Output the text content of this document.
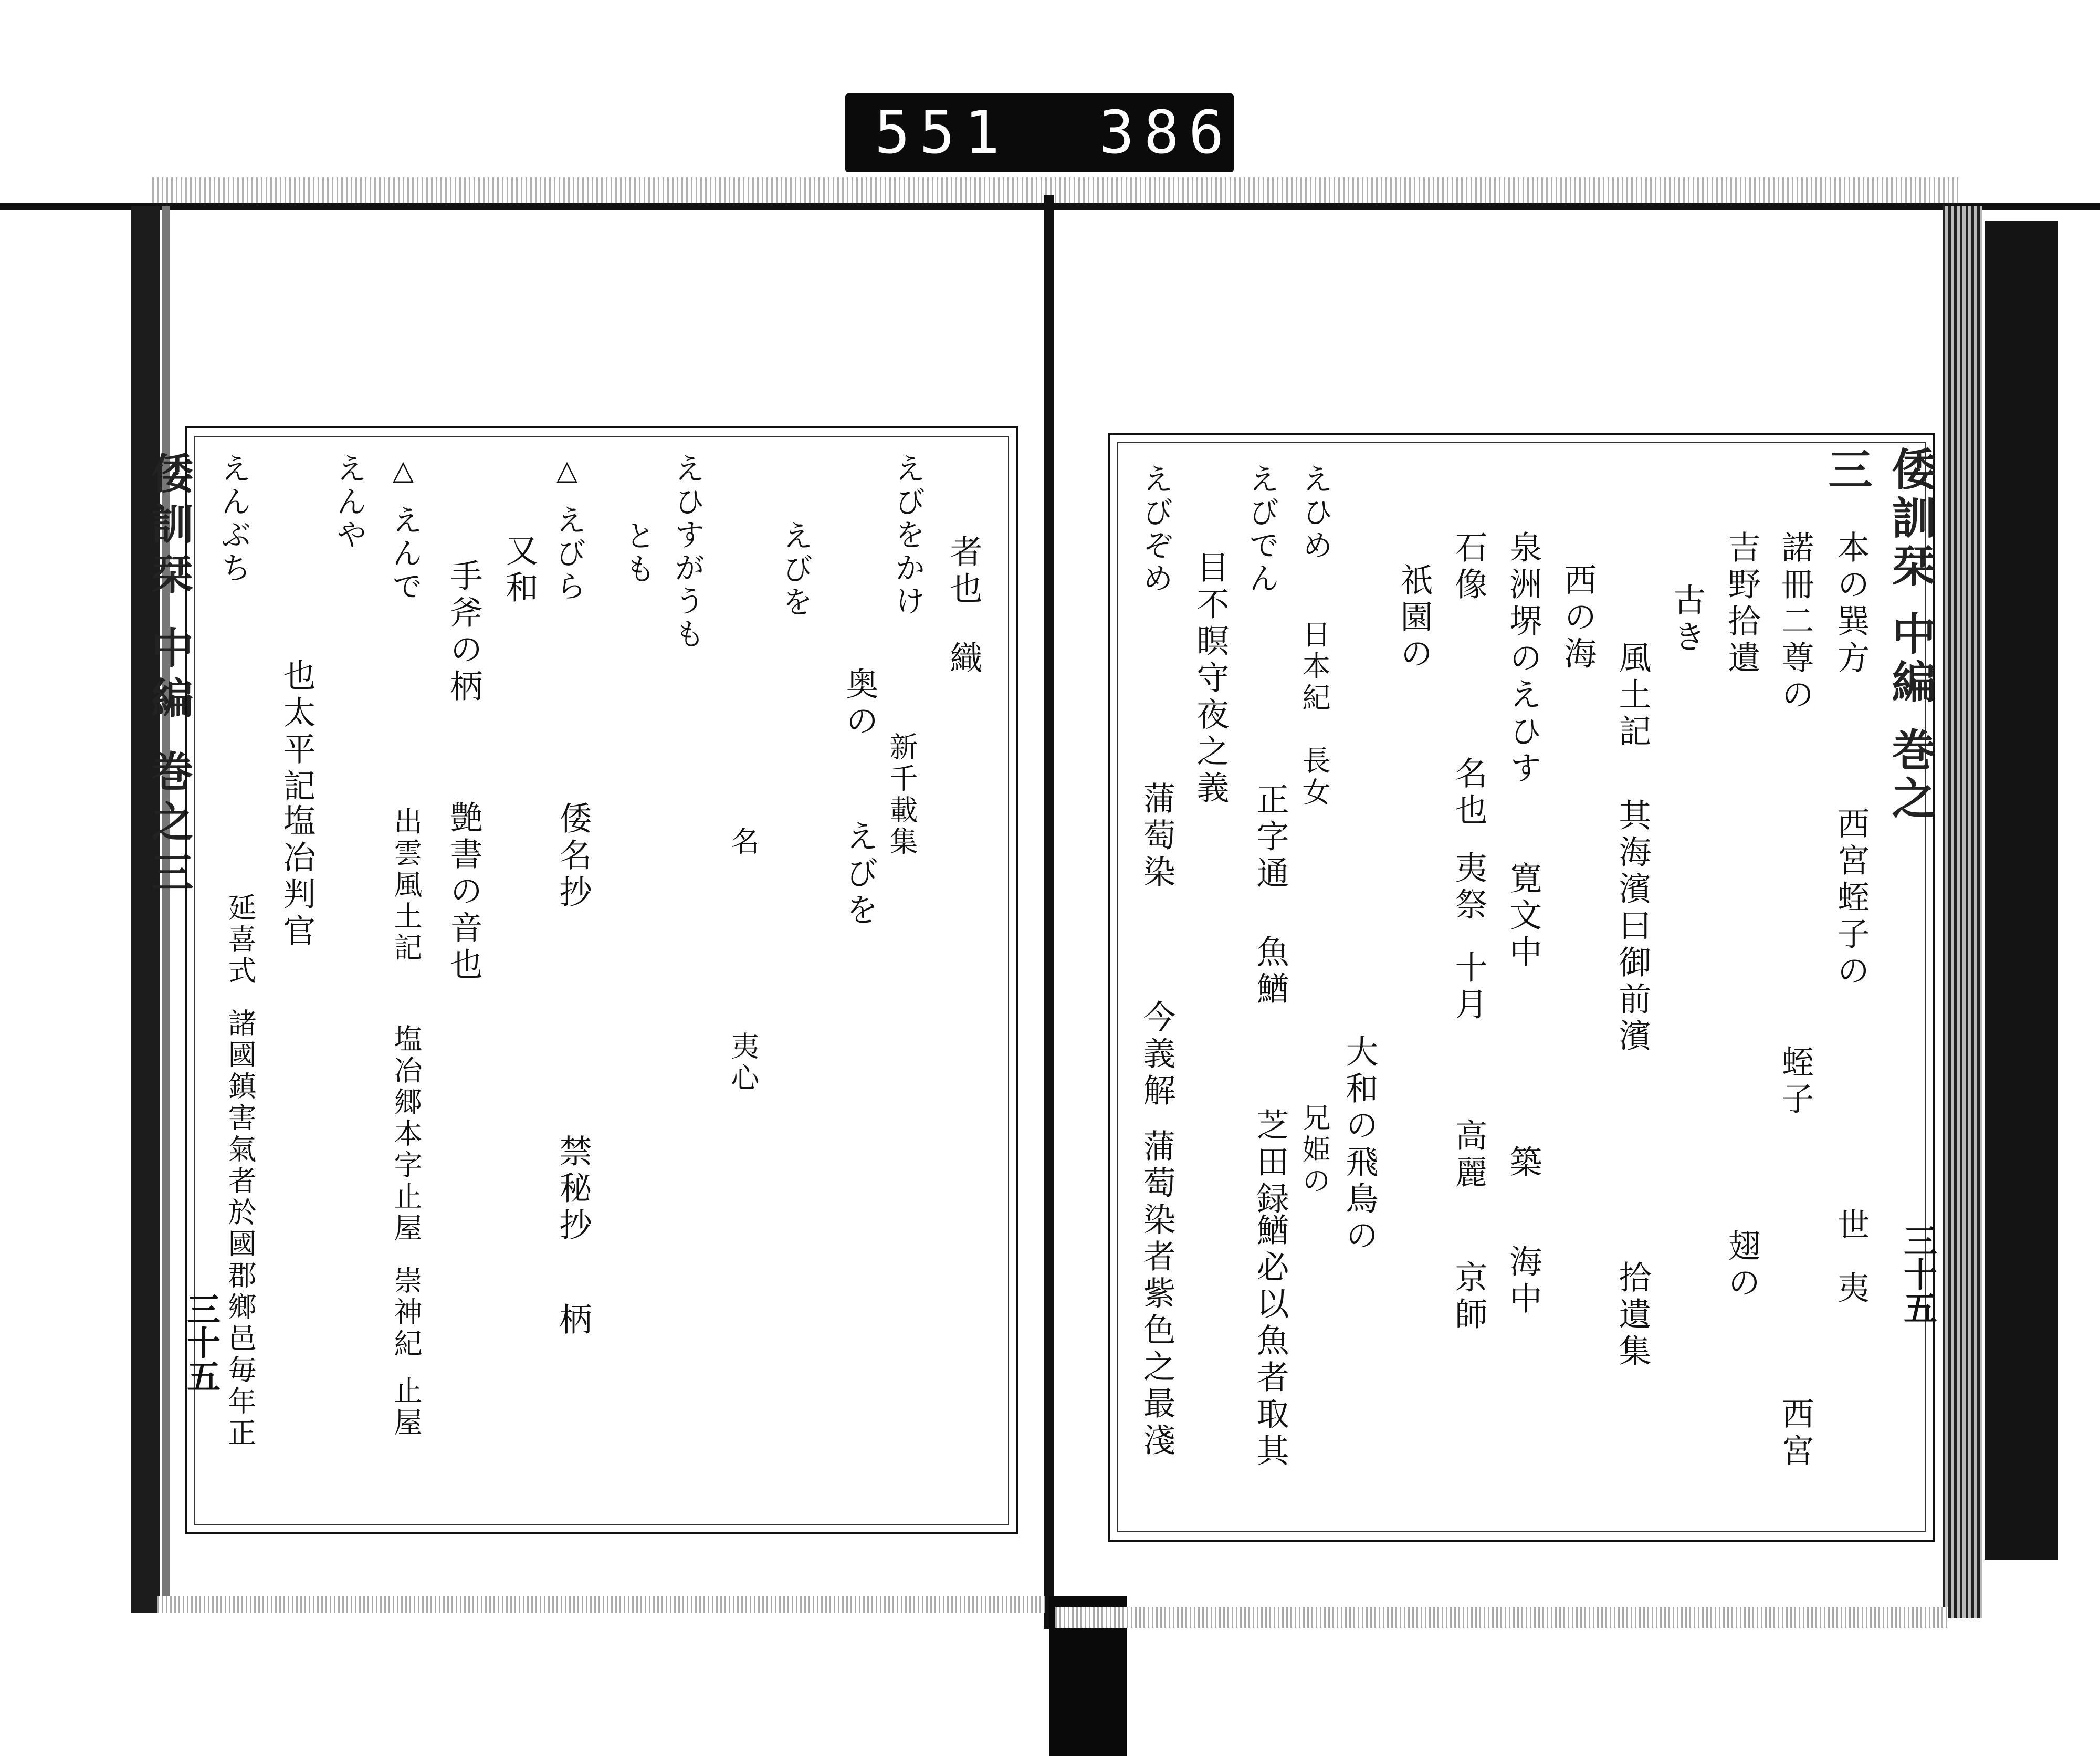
551  386.
倭訓栞 中編 巻之三
三十五
者也
織
えびをかけ
新千載集
奥の
えびを
えびを
名
夷心
えひすがうも
とも
△
えびら
倭名抄
禁秘抄
柄
又和
艶書の音也
手斧の柄
△
えんで
出雲風土記
塩冶郷
本字止屋
崇神紀
止屋
えんや
也太平記
塩冶判官
延喜式
諸國鎮害氣者於國郡鄉邑毎年正
えんぶち	倭訓栞 中編 巻之三
三十五
本の巽方
西宮蛭子の
世
夷
諾冊二尊の
蛭子
西宮
吉野拾遺
翅の
古き
風土記
其海濱曰御前濱
拾遺集
西の海
泉洲堺のえひす
寛文中
築
海中
石像
名也
夷祭
十月
高麗
京師
祇園の
大和の飛鳥の
日本紀
長女
兄姫の
正字通
魚鰌
芝田録
鰌必以魚者取其
えひめ
えびでん
目不瞑守夜之義
えびぞめ
蒲萄染
今義解
蒲萄染者紫色之最淺
